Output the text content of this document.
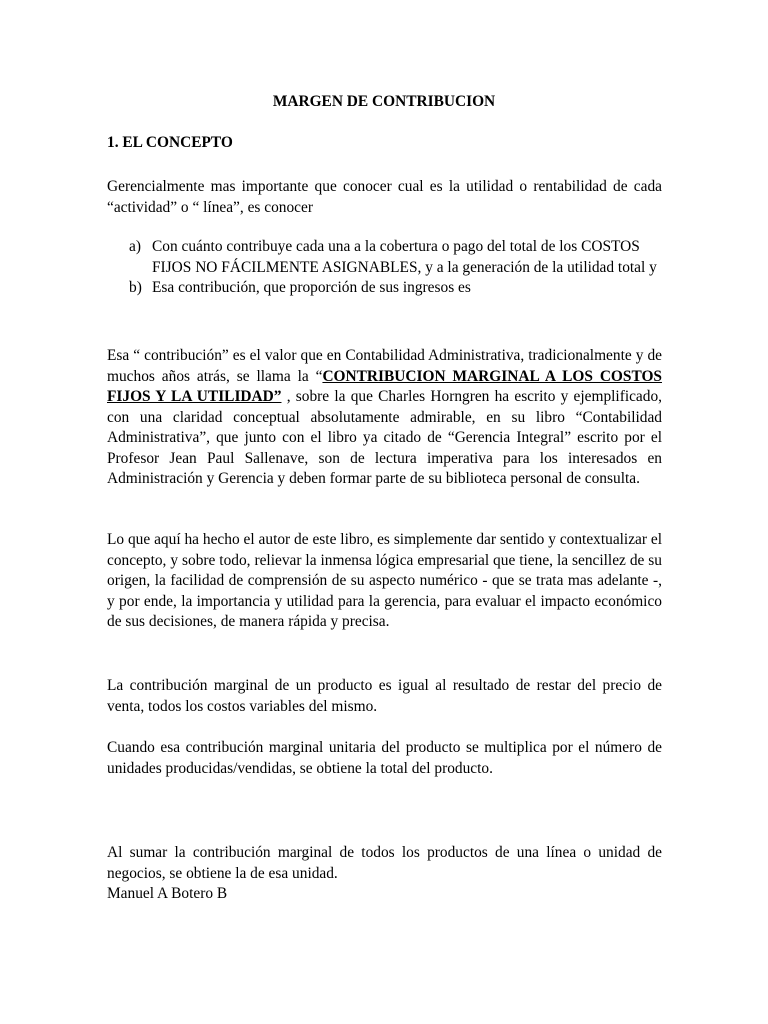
MARGEN DE CONTRIBUCION
1. EL CONCEPTO
Gerencialmente mas importante que conocer cual es la utilidad o rentabilidad de cada “actividad” o “ línea”, es conocer
a) Con cuánto contribuye cada una a la cobertura o pago del total de los COSTOS FIJOS NO FÁCILMENTE ASIGNABLES, y a la generación de la utilidad total y
b) Esa contribución, que proporción de sus ingresos es
Esa “ contribución” es el valor que en Contabilidad Administrativa, tradicionalmente y de muchos años atrás, se llama la “CONTRIBUCION MARGINAL A LOS COSTOS FIJOS Y LA UTILIDAD” , sobre la que Charles Horngren ha escrito y ejemplificado, con una claridad conceptual absolutamente admirable, en su libro “Contabilidad Administrativa”, que junto con el libro ya citado de “Gerencia Integral” escrito por el Profesor Jean Paul Sallenave, son de lectura imperativa para los interesados en Administración y Gerencia y deben formar parte de su biblioteca personal de consulta.
Lo que aquí ha hecho el autor de este libro, es simplemente dar sentido y contextualizar el concepto, y sobre todo, relievar la inmensa lógica empresarial que tiene, la sencillez de su origen, la facilidad de comprensión de su aspecto numérico - que se trata mas adelante -, y por ende, la importancia y utilidad para la gerencia, para evaluar el impacto económico de sus decisiones, de manera rápida y precisa.
La contribución marginal de un producto es igual al resultado de restar del precio de venta, todos los costos variables del mismo.
Cuando esa contribución marginal unitaria del producto se multiplica por el número de unidades producidas/vendidas, se obtiene la total del producto.
Al sumar la contribución marginal de todos los productos de una línea o unidad de negocios, se obtiene la de esa unidad.
Manuel A Botero B
